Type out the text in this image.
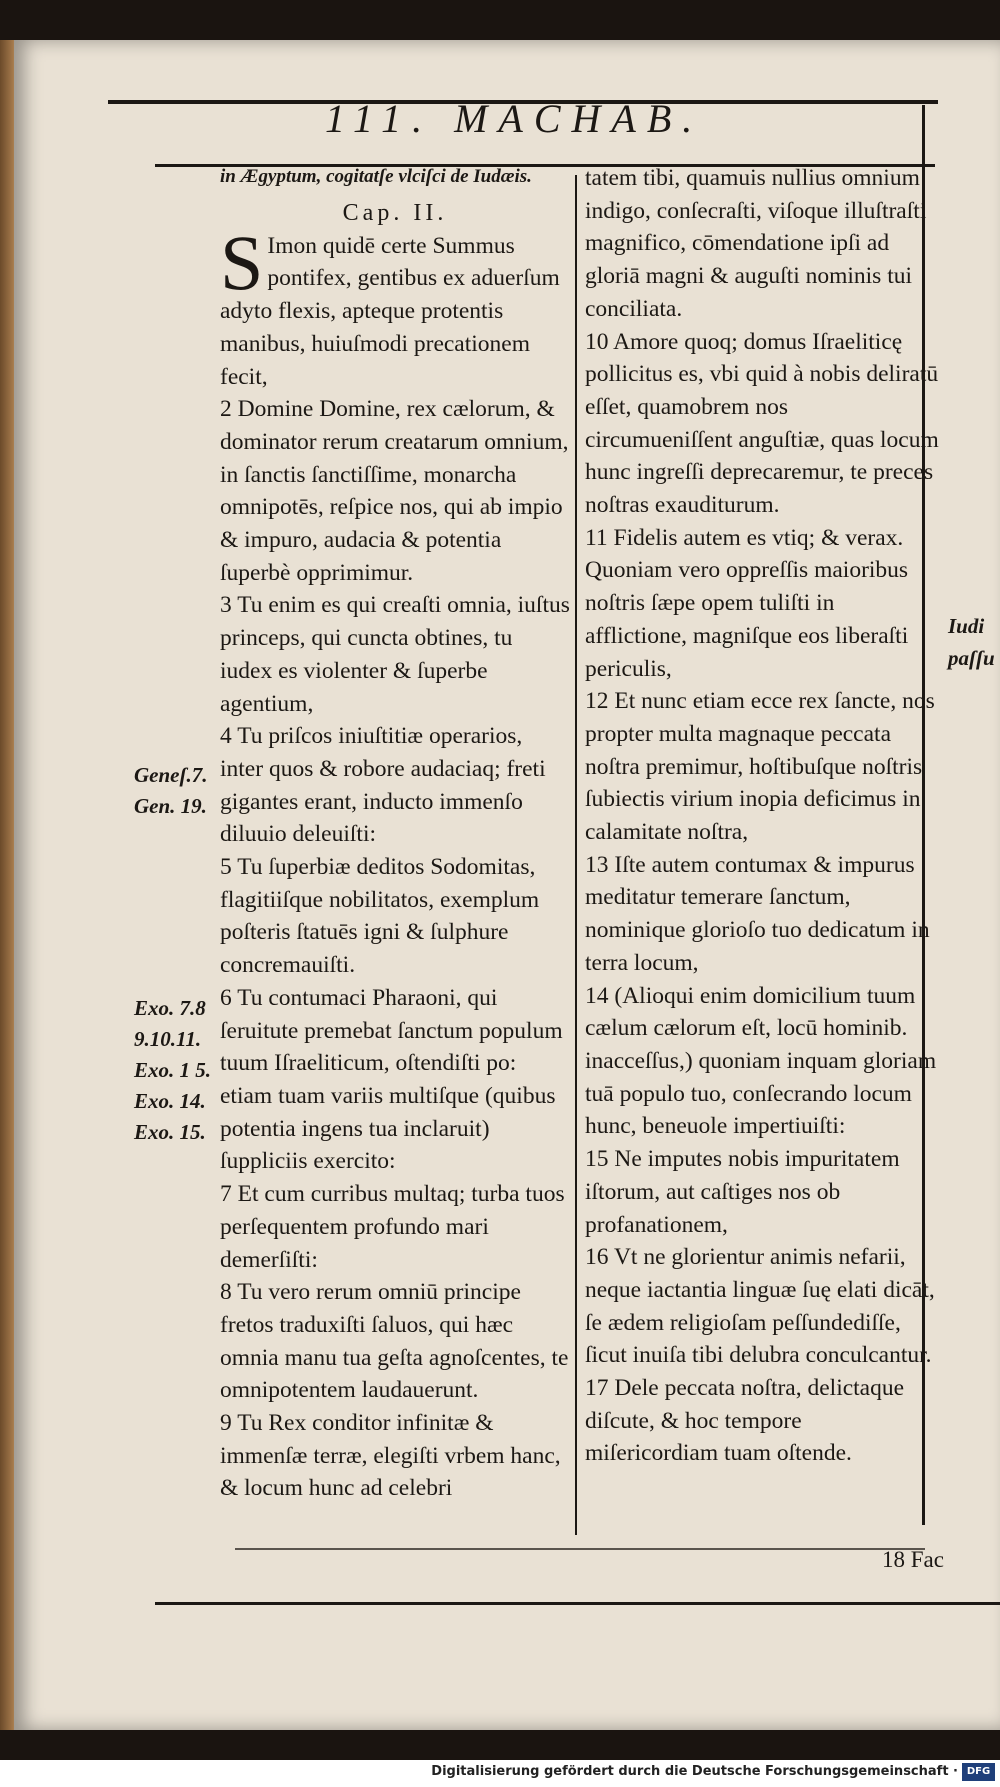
111. MACHAB.

in Ægyptum, cogitatſe vlciſci de Iudæis.

Cap. II.

S Imon quidē certe Summus pontifex, gentibus ex aduerſum adyto flexis, apteque protentis manibus, huiuſmodi precationem fecit,

2 Domine Domine, rex cælorum, & dominator rerum creatarum omnium, in ſanctis ſanctiſſime, monarcha omnipotēs, reſpice nos, qui ab impio & impuro, audacia & potentia ſuperbè opprimimur.

3 Tu enim es qui creaſti omnia, iuſtus princeps, qui cuncta obtines, tu iudex es violenter & ſuperbe agentium,

4 Tu priſcos iniuſtitiæ operarios, inter quos & robore audaciaq; freti gigantes erant, inducto immenſo diluuio deleuiſti:

5 Tu ſuperbiæ deditos Sodomitas, flagitiiſque nobilitatos, exemplum poſteris ſtatuēs igni & ſulphure concremauiſti.

6 Tu contumaci Pharaoni, qui ſeruitute premebat ſanctum populum tuum Iſraeliticum, oſtendiſti po: etiam tuam variis multiſque (quibus potentia ingens tua inclaruit) ſuppliciis exercito:

7 Et cum curribus multaq; turba tuos perſequentem profundo mari demerſiſti:

8 Tu vero rerum omniū principe fretos traduxiſti ſaluos, qui hæc omnia manu tua geſta agnoſcentes, te omnipotentem laudauerunt.

9 Tu Rex conditor infinitæ & immenſæ terræ, elegiſti vrbem hanc, & locum hunc ad celebri

tatem tibi, quamuis nullius omnium indigo, conſecraſti, viſoque illuſtraſti magnifico, cōmendatione ipſi ad gloriā magni & auguſti nominis tui conciliata.

10 Amore quoq; domus Iſraeliticę pollicitus es, vbi quid à nobis deliratū eſſet, quamobrem nos circumueniſſent anguſtiæ, quas locum hunc ingreſſi deprecaremur, te preces noſtras exauditurum.

11 Fidelis autem es vtiq; & verax. Quoniam vero oppreſſis maioribus noſtris ſæpe opem tuliſti in afflictione, magniſque eos liberaſti periculis,

12 Et nunc etiam ecce rex ſancte, nos propter multa magnaque peccata noſtra premimur, hoſtibuſque noſtris ſubiectis virium inopia deficimus in calamitate noſtra,

13 Iſte autem contumax & impurus meditatur temerare ſanctum, nominique glorioſo tuo dedicatum in terra locum,

14 (Alioqui enim domicilium tuum cælum cælorum eſt, locū hominib. inacceſſus,) quoniam inquam gloriam tuā populo tuo, conſecrando locum hunc, beneuole impertiuiſti:

15 Ne imputes nobis impuritatem iſtorum, aut caſtiges nos ob profanationem,

16 Vt ne glorientur animis nefarii, neque iactantia linguæ ſuę elati dicāt, ſe ædem religioſam peſſundediſſe, ſicut inuiſa tibi delubra conculcantur.

17 Dele peccata noſtra, delictaque diſcute, & hoc tempore miſericordiam tuam oſtende.

Geneſ.7.
Gen. 19.
Exo. 7.8
9.10.11.
Exo. 1 5.
Exo. 14.
Exo. 15.
Iudi
paſſu
18 Fac
Digitalisierung gefördert durch die Deutsche Forschungsgemeinschaft · DFG
